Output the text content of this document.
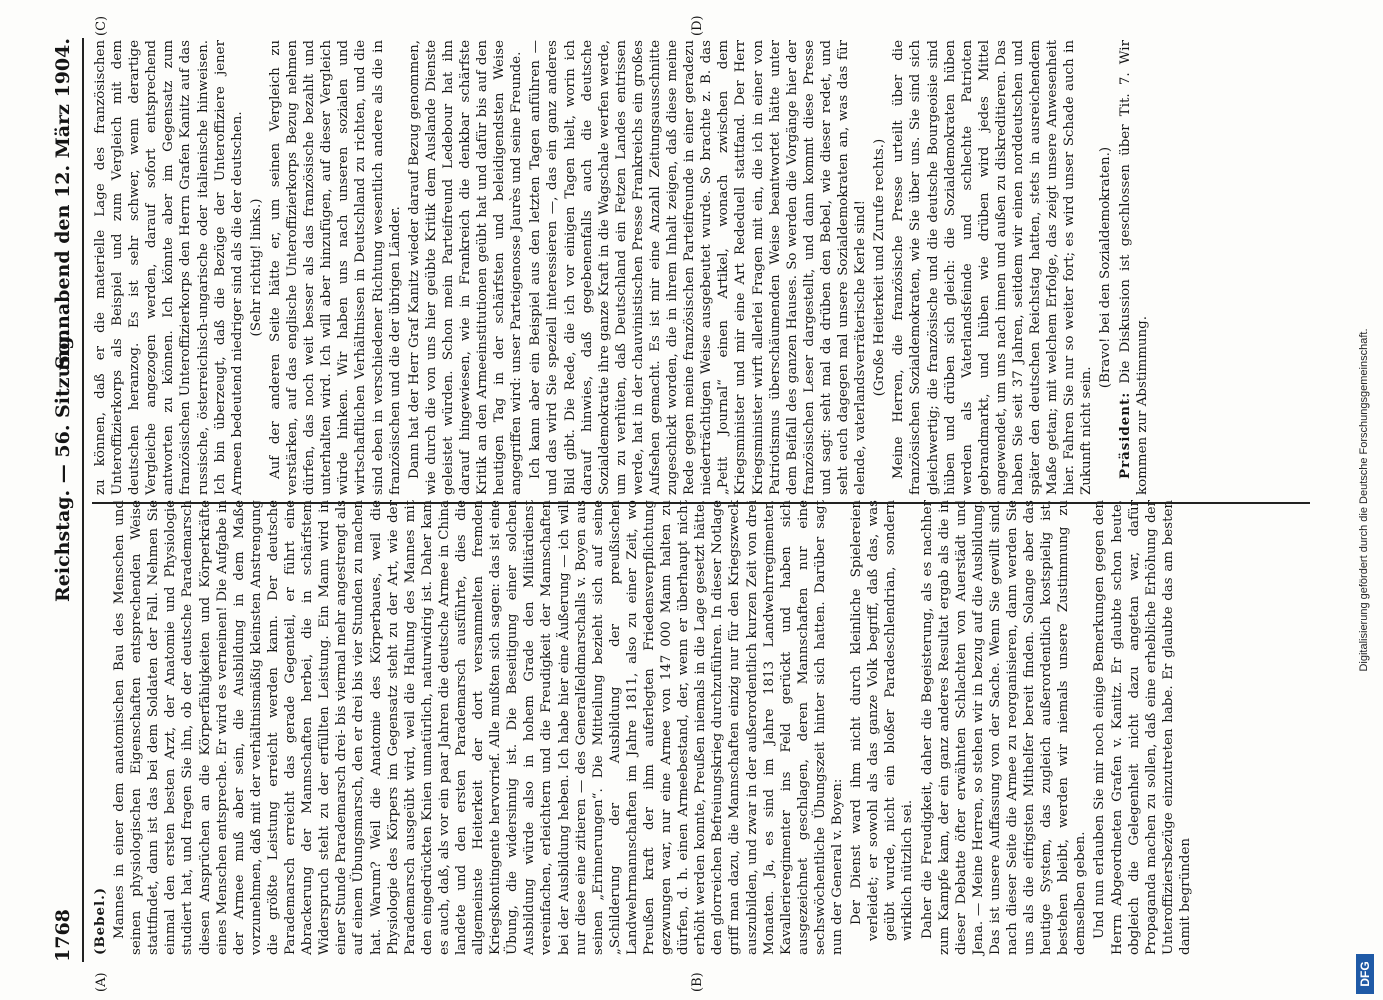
1768
Reichstag. — 56. Sitzung.
Sonnabend den 12. März 1904.
(A)	(B)
(C)	(D)

(Bebel.) Mannes in einer dem anatomischen Bau des Menschen und seinen physiologischen Eigenschaften entsprechenden Weise stattfindet, dann ist das bei dem Soldaten der Fall. Nehmen Sie einmal den ersten besten Arzt, der Anatomie und Physiologie studiert hat, und fragen Sie ihn, ob der deutsche Parademarsch diesen Ansprüchen an die Körperfähigkeiten und Körperkräfte eines Menschen entspreche. Er wird es verneinen! Die Aufgabe in der Armee muß aber sein, die Ausbildung in dem Maße vorzunehmen, daß mit der verhältnismäßig kleinsten Anstrengung die größte Leistung erreicht werden kann. Der deutsche Parademarsch erreicht das gerade Gegenteil, er führt eine Abrackerung der Mannschaften herbei, die in schärfstem Widerspruch steht zu der erfüllten Leistung. Ein Mann wird in einer Stunde Parademarsch drei- bis viermal mehr angestrengt als auf einem Übungsmarsch, den er drei bis vier Stunden zu machen hat. Warum? Weil die Anatomie des Körperbaues, weil die Physiologie des Körpers im Gegensatz steht zu der Art, wie der Parademarsch ausgeübt wird, weil die Haltung des Mannes mit den eingedrückten Knien unnatürlich, naturwidrig ist. Daher kam es auch, daß, als vor ein paar Jahren die deutsche Armee in China landete und den ersten Parademarsch ausführte, dies die allgemeinste Heiterkeit der dort versammelten fremden Kriegskontingente hervorrief. Alle mußten sich sagen: das ist eine Übung, die widersinnig ist. Die Beseitigung einer solchen Ausbildung würde also in hohem Grade den Militärdienst vereinfachen, erleichtern und die Freudigkeit der Mannschaften bei der Ausbildung heben. Ich habe hier eine Äußerung — ich will nur diese eine zitieren — des Generalfeldmarschalls v. Boyen aus seinen „Erinnerungen“. Die Mitteilung bezieht sich auf seine „Schilderung der Ausbildung der preußischen Landwehrmannschaften im Jahre 1811, also zu einer Zeit, wo Preußen kraft der ihm auferlegten Friedensverpflichtung gezwungen war, nur eine Armee von 147 000 Mann halten zu dürfen, d. h. einen Armeebestand, der, wenn er überhaupt nicht erhöht werden konnte, Preußen niemals in die Lage gesetzt hätte, den glorreichen Befreiungskrieg durchzuführen. In dieser Notlage griff man dazu, die Mannschaften einzig nur für den Kriegszweck auszubilden, und zwar in der außerordentlich kurzen Zeit von drei Monaten. Ja, es sind im Jahre 1813 Landwehrregimenter, Kavallerieregimenter ins Feld gerückt und haben sich ausgezeichnet geschlagen, deren Mannschaften nur eine sechswöchentliche Übungszeit hinter sich hatten. Darüber sagt nun der General v. Boyen: Der Dienst ward ihm nicht durch kleinliche Spielereien verleidet; er sowohl als das ganze Volk begriff, daß das, was geübt wurde, nicht ein bloßer Paradeschlendrian, sondern wirklich nützlich sei. Daher die Freudigkeit, daher die Begeisterung, als es nachher zum Kampfe kam, der ein ganz anderes Resultat ergab als die in dieser Debatte öfter erwähnten Schlachten von Auerstädt und Jena. — Meine Herren, so stehen wir in bezug auf die Ausbildung. Das ist unsere Auffassung von der Sache. Wenn Sie gewillt sind, nach dieser Seite die Armee zu reorganisieren, dann werden Sie uns als die eifrigsten Mithelfer bereit finden. Solange aber das heutige System, das zugleich außerordentlich kostspielig ist, bestehen bleibt, werden wir niemals unsere Zustimmung zu demselben geben. Und nun erlauben Sie mir noch einige Bemerkungen gegen den Herrn Abgeordneten Grafen v. Kanitz. Er glaubte schon heute, obgleich die Gelegenheit nicht dazu angetan war, dafür Propaganda machen zu sollen, daß eine erhebliche Erhöhung der Unteroffiziersbezüge einzutreten habe. Er glaubte das am besten damit begründen

zu können, daß er die materielle Lage des französischen Unteroffizierkorps als Beispiel und zum Vergleich mit dem deutschen heranzog. Es ist sehr schwer, wenn derartige Vergleiche angezogen werden, darauf sofort entsprechend antworten zu können. Ich könnte aber im Gegensatz zum französischen Unteroffizierkorps den Herrn Grafen Kanitz auf das russische, österreichisch-ungarische oder italienische hinweisen. Ich bin überzeugt, daß die Bezüge der Unteroffiziere jener Armeen bedeutend niedriger sind als die der deutschen. (Sehr richtig! links.) Auf der anderen Seite hätte er, um seinen Vergleich zu verstärken, auf das englische Unteroffizierkorps Bezug nehmen dürfen, das noch weit besser als das französische bezahlt und unterhalten wird. Ich will aber hinzufügen, auf dieser Vergleich würde hinken. Wir haben uns nach unseren sozialen und wirtschaftlichen Verhältnissen in Deutschland zu richten, und die sind eben in verschiedener Richtung wesentlich andere als die in französischen und die der übrigen Länder. Dann hat der Herr Graf Kanitz wieder darauf Bezug genommen, wie durch die von uns hier geübte Kritik dem Auslande Dienste geleistet würden. Schon mein Parteifreund Ledebour hat ihn darauf hingewiesen, wie in Frankreich die denkbar schärfste Kritik an den Armeeinstitutionen geübt hat und dafür bis auf den heutigen Tag in der schärfsten und beleidigendsten Weise angegriffen wird: unser Parteigenosse Jaurès und seine Freunde. Ich kann aber ein Beispiel aus den letzten Tagen anführen — und das wird Sie speziell interessieren —, das ein ganz anderes Bild gibt. Die Rede, die ich vor einigen Tagen hielt, worin ich darauf hinwies, daß gegebenenfalls auch die deutsche Sozialdemokratie ihre ganze Kraft in die Wagschale werfen werde, um zu verhüten, daß Deutschland ein Fetzen Landes entrissen werde, hat in der chauvinistischen Presse Frankreichs ein großes Aufsehen gemacht. Es ist mir eine Anzahl Zeitungsausschnitte zugeschickt worden, die in ihrem Inhalt zeigen, daß diese meine Rede gegen meine französischen Parteifreunde in einer geradezu niederträchtigen Weise ausgebeutet wurde. So brachte z. B. das „Petit Journal“ einen Artikel, wonach zwischen dem Kriegsminister und mir eine Art Rededuell stattfand. Der Herr Kriegsminister wirft allerlei Fragen mit ein, die ich in einer von Patriotismus überschäumenden Weise beantwortet hätte unter dem Beifall des ganzen Hauses. So werden die Vorgänge hier der französischen Leser dargestellt, und dann kommt diese Presse und sagt: seht mal da drüben den Bebel, wie dieser redet, und seht euch dagegen mal unsere Sozialdemokraten an, was das für elende, vaterlandsverräterische Kerle sind! (Große Heiterkeit und Zurufe rechts.) Meine Herren, die französische Presse urteilt über die französischen Sozialdemokraten, wie Sie über uns. Sie sind sich gleichwertig; die französische und die deutsche Bourgeoisie sind hüben und drüben sich gleich: die Sozialdemokraten hüben werden als Vaterlandsfeinde und schlechte Patrioten gebrandmarkt, und hüben wie drüben wird jedes Mittel angewendet, um uns nach innen und außen zu diskreditieren. Das haben Sie seit 37 Jahren, seitdem wir einen norddeutschen und später den deutschen Reichstag hatten, stets in ausreichendem Maße getan; mit welchem Erfolge, das zeigt unsere Anwesenheit hier. Fahren Sie nur so weiter fort; es wird unser Schade auch in Zukunft nicht sein.

(Bravo! bei den Sozialdemokraten.)

Präsident: Die Diskussion ist geschlossen über Tit. 7. Wir kommen zur Abstimmung.

DFG
Digitalisierung gefördert durch die Deutsche Forschungsgemeinschaft.
